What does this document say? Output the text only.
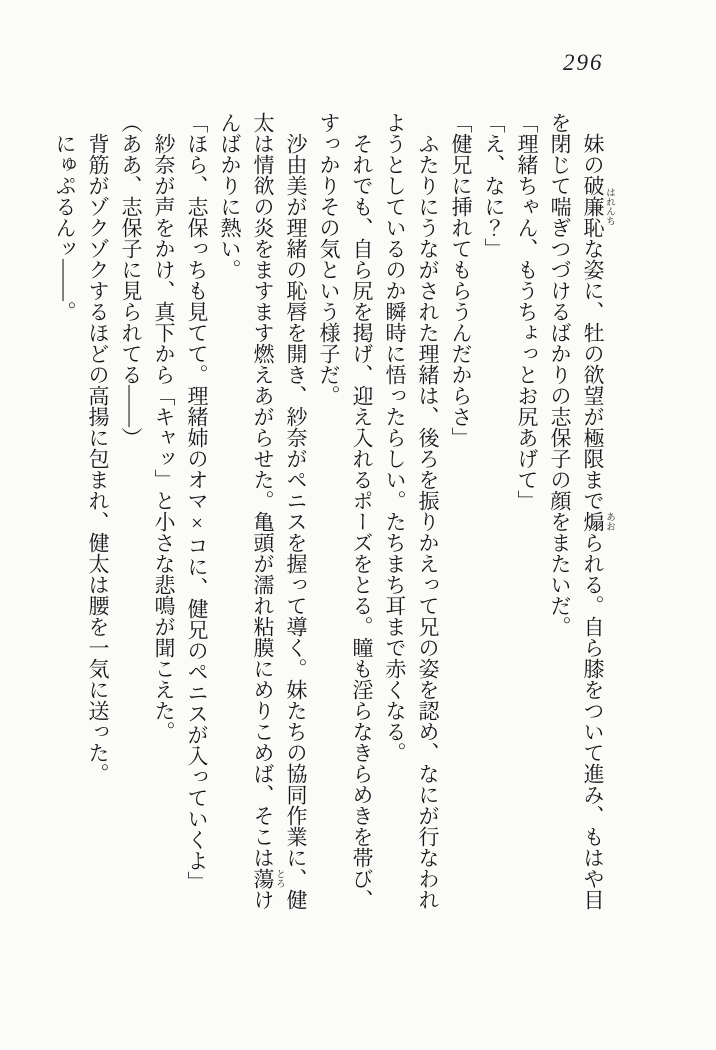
296

妹の破廉恥 はれんちな姿に、牡の欲望が極限まで煽 あおられる。自ら膝をついて進み、もはや目を閉じて喘ぎつづけるばかりの志保子の顔をまたいだ。

「理緒ちゃん、もうちょっとお尻あげて」

「え、なに？」

「健兄に挿れてもらうんだからさ」

ふたりにうながされた理緒は、後ろを振りかえって兄の姿を認め、なにが行なわれようとしているのか瞬時に悟ったらしい。たちまち耳まで赤くなる。

それでも、自ら尻を掲げ、迎え入れるポーズをとる。瞳も淫らなきらめきを帯び、すっかりその気という様子だ。

沙由美が理緒の恥唇を開き、紗奈がペニスを握って導く。妹たちの協同作業に、健太は情欲の炎をますます燃えあがらせた。亀頭が濡れ粘膜にめりこめば、そこは蕩 とろけんばかりに熱い。

「ほら、志保っちも見てて。理緒姉のオマ×コに、健兄のペニスが入っていくよ」

紗奈が声をかけ、真下から「キャッ」と小さな悲鳴が聞こえた。

（ああ、志保子に見られてる――）

背筋がゾクゾクするほどの高揚に包まれ、健太は腰を一気に送った。

にゅぷるんッ――。
